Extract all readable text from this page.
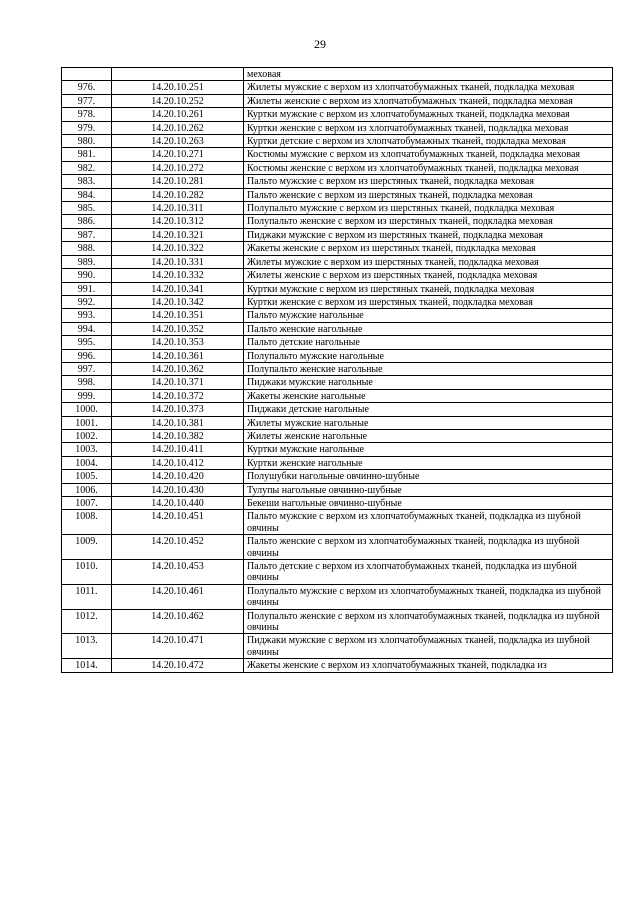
29
		меховая
976.	14.20.10.251	Жилеты мужские с верхом из хлопчатобумажных тканей, подкладка меховая
977.	14.20.10.252	Жилеты женские с верхом из хлопчатобумажных тканей, подкладка меховая
978.	14.20.10.261	Куртки мужские с верхом из хлопчатобумажных тканей, подкладка меховая
979.	14.20.10.262	Куртки женские с верхом из хлопчатобумажных тканей, подкладка меховая
980.	14.20.10.263	Куртки детские с верхом из хлопчатобумажных тканей, подкладка меховая
981.	14.20.10.271	Костюмы мужские с верхом из хлопчатобумажных тканей, подкладка меховая
982.	14.20.10.272	Костюмы женские с верхом из хлопчатобумажных тканей, подкладка меховая
983.	14.20.10.281	Пальто мужские с верхом из шерстяных тканей, подкладка меховая
984.	14.20.10.282	Пальто женские с верхом из шерстяных тканей, подкладка меховая
985.	14.20.10.311	Полупальто мужские с верхом из шерстяных тканей, подкладка меховая
986.	14.20.10.312	Полупальто женские с верхом из шерстяных тканей, подкладка меховая
987.	14.20.10.321	Пиджаки мужские с верхом из шерстяных тканей, подкладка меховая
988.	14.20.10.322	Жакеты женские с верхом из шерстяных тканей, подкладка меховая
989.	14.20.10.331	Жилеты мужские с верхом из шерстяных тканей, подкладка меховая
990.	14.20.10.332	Жилеты женские с верхом из шерстяных тканей, подкладка меховая
991.	14.20.10.341	Куртки мужские с верхом из шерстяных тканей, подкладка меховая
992.	14.20.10.342	Куртки женские с верхом из шерстяных тканей, подкладка меховая
993.	14.20.10.351	Пальто мужские нагольные
994.	14.20.10.352	Пальто женские нагольные
995.	14.20.10.353	Пальто детские нагольные
996.	14.20.10.361	Полупальто мужские нагольные
997.	14.20.10.362	Полупальто женские нагольные
998.	14.20.10.371	Пиджаки мужские нагольные
999.	14.20.10.372	Жакеты женские нагольные
1000.	14.20.10.373	Пиджаки детские нагольные
1001.	14.20.10.381	Жилеты мужские нагольные
1002.	14.20.10.382	Жилеты женские нагольные
1003.	14.20.10.411	Куртки мужские нагольные
1004.	14.20.10.412	Куртки женские нагольные
1005.	14.20.10.420	Полушубки нагольные овчинно-шубные
1006.	14.20.10.430	Тулупы нагольные овчинно-шубные
1007.	14.20.10.440	Бекеши нагольные овчинно-шубные
1008.	14.20.10.451	Пальто мужские с верхом из хлопчатобумажных тканей, подкладка из шубной овчины
1009.	14.20.10.452	Пальто женские с верхом из хлопчатобумажных тканей, подкладка из шубной овчины
1010.	14.20.10.453	Пальто детские с верхом из хлопчатобумажных тканей, подкладка из шубной овчины
1011.	14.20.10.461	Полупальто мужские с верхом из хлопчатобумажных тканей, подкладка из шубной овчины
1012.	14.20.10.462	Полупальто женские с верхом из хлопчатобумажных тканей, подкладка из шубной овчины
1013.	14.20.10.471	Пиджаки мужские с верхом из хлопчатобумажных тканей, подкладка из шубной овчины
1014.	14.20.10.472	Жакеты женские с верхом из хлопчатобумажных тканей, подкладка из
